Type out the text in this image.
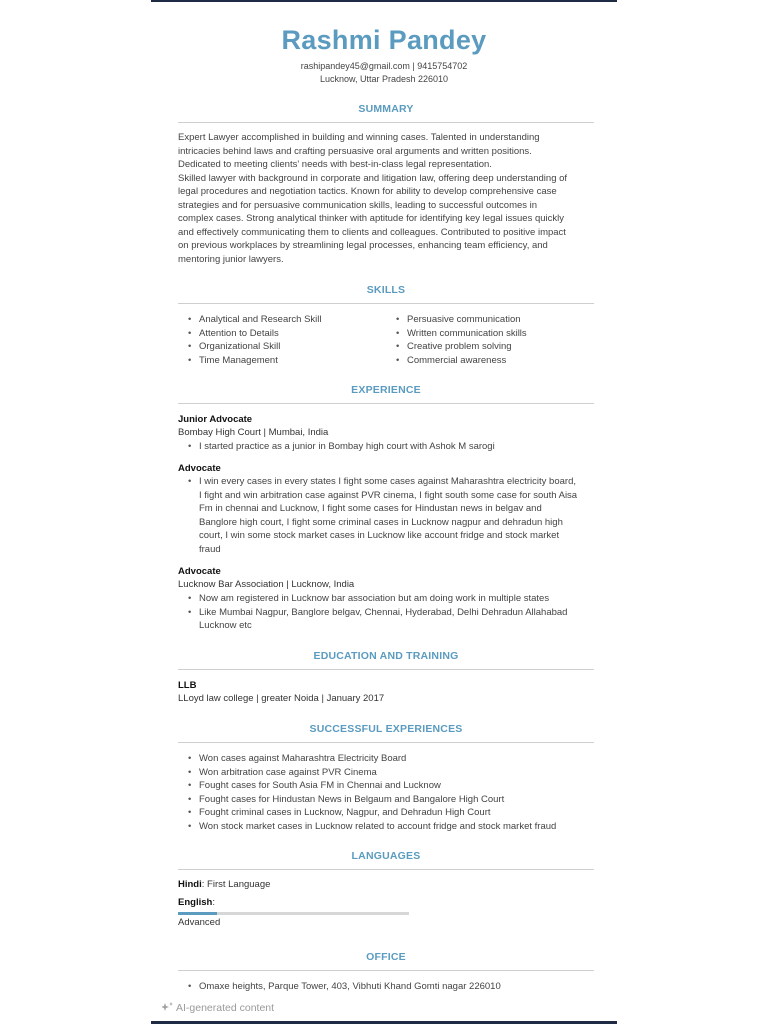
Rashmi Pandey
rashipandey45@gmail.com | 9415754702
Lucknow, Uttar Pradesh 226010
SUMMARY
Expert Lawyer accomplished in building and winning cases. Talented in understanding
intricacies behind laws and crafting persuasive oral arguments and written positions.
Dedicated to meeting clients' needs with best-in-class legal representation.
Skilled lawyer with background in corporate and litigation law, offering deep understanding of
legal procedures and negotiation tactics. Known for ability to develop comprehensive case
strategies and for persuasive communication skills, leading to successful outcomes in
complex cases. Strong analytical thinker with aptitude for identifying key legal issues quickly
and effectively communicating them to clients and colleagues. Contributed to positive impact
on previous workplaces by streamlining legal processes, enhancing team efficiency, and
mentoring junior lawyers.
SKILLS
• Analytical and Research Skill
• Attention to Details
• Organizational Skill
• Time Management
• Persuasive communication
• Written communication skills
• Creative problem solving
• Commercial awareness
EXPERIENCE
Junior Advocate
Bombay High Court | Mumbai, India
• I started practice as a junior in Bombay high court with Ashok M sarogi
Advocate
• I win every cases in every states I fight some cases against Maharashtra electricity board,
I fight and win arbitration case against PVR cinema, I fight south some case for south Aisa
Fm in chennai and Lucknow, I fight some cases for Hindustan news in belgav and
Banglore high court, I fight some criminal cases in Lucknow nagpur and dehradun high
court, I win some stock market cases in Lucknow like account fridge and stock market
fraud
Advocate
Lucknow Bar Association | Lucknow, India
• Now am registered in Lucknow bar association but am doing work in multiple states
• Like Mumbai Nagpur, Banglore belgav, Chennai, Hyderabad, Delhi Dehradun Allahabad
Lucknow etc
EDUCATION AND TRAINING
LLB
LLoyd law college | greater Noida | January 2017
SUCCESSFUL EXPERIENCES
• Won cases against Maharashtra Electricity Board
• Won arbitration case against PVR Cinema
• Fought cases for South Asia FM in Chennai and Lucknow
• Fought cases for Hindustan News in Belgaum and Bangalore High Court
• Fought criminal cases in Lucknow, Nagpur, and Dehradun High Court
• Won stock market cases in Lucknow related to account fridge and stock market fraud
LANGUAGES
Hindi: First Language
English:
Advanced
OFFICE
• Omaxe heights, Parque Tower, 403, Vibhuti Khand Gomti nagar 226010
AI-generated content
